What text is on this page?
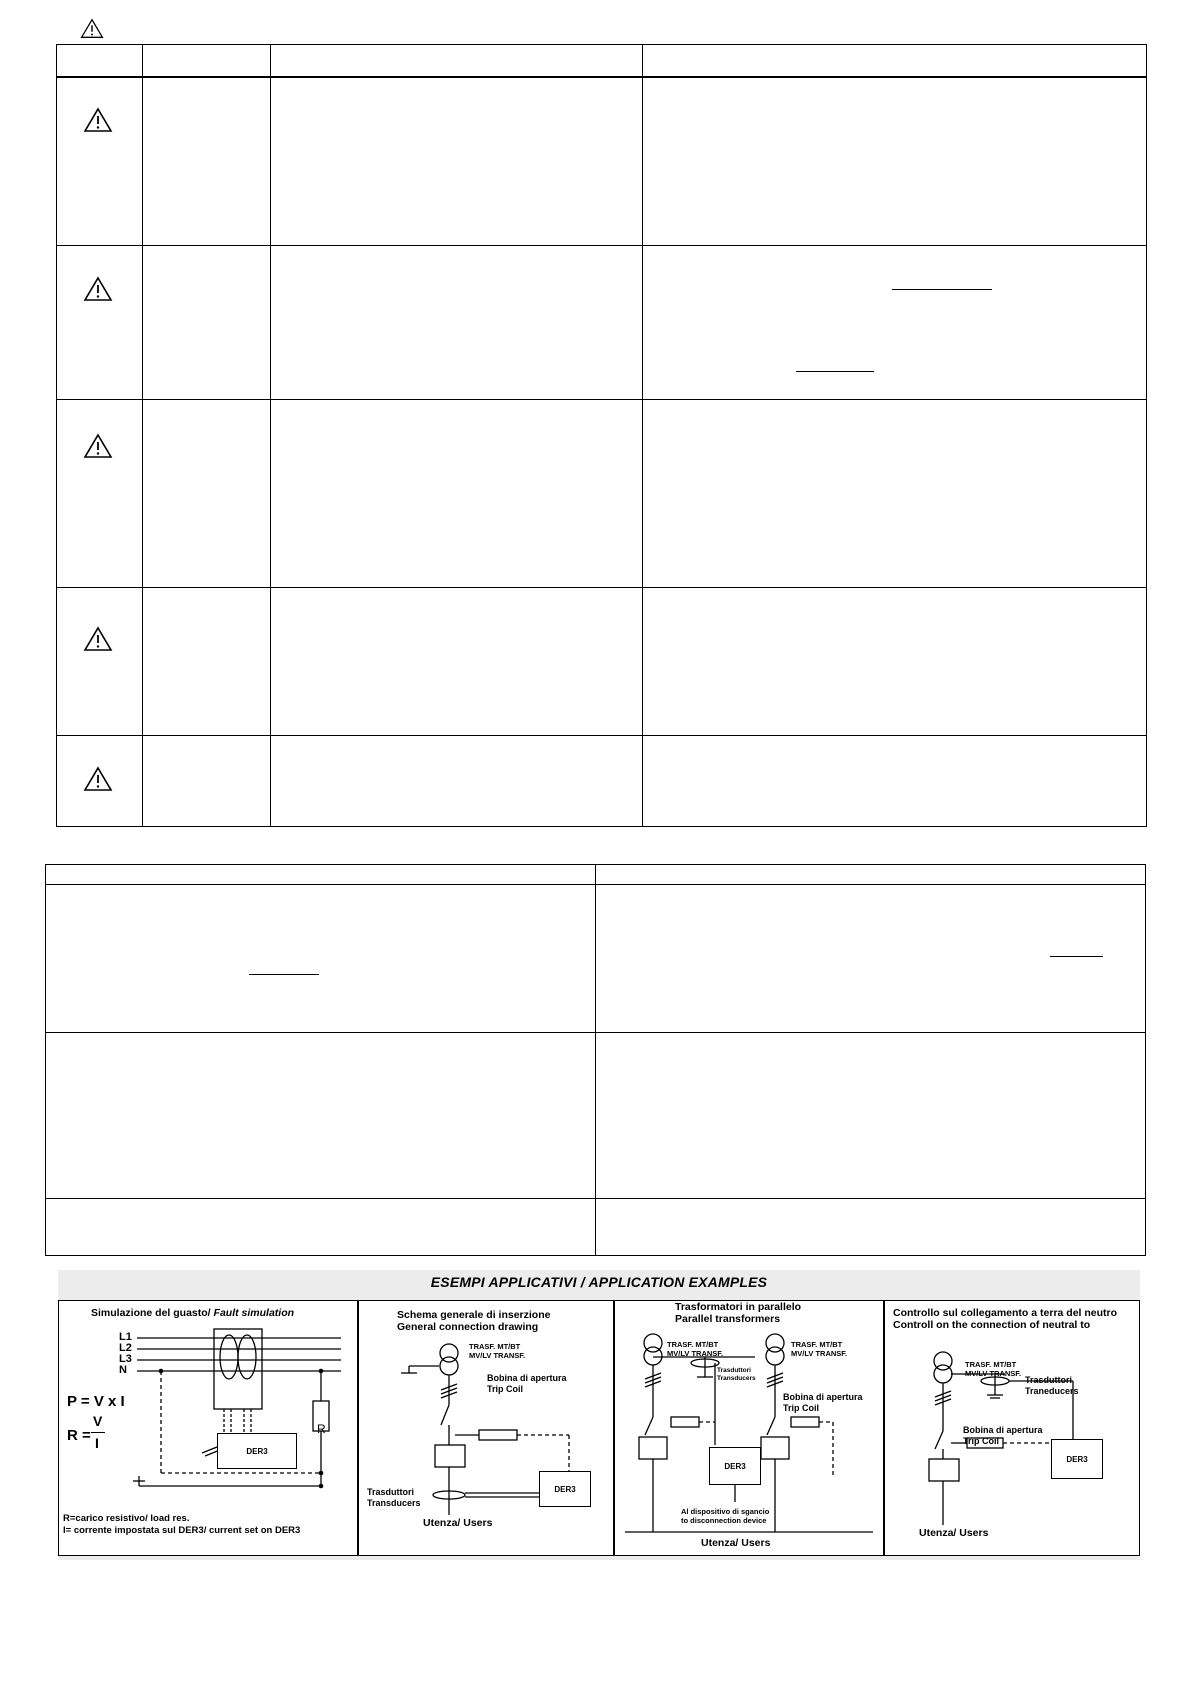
ESEMPI APPLICATIVI / APPLICATION EXAMPLES
Simulazione del guasto/ Fault simulation
L1
L2
L3
N
DER3
R
P = V x I
R =
V
I
R=carico resistivo/ load res.
I= corrente impostata sul DER3/ current set on DER3
Schema generale di inserzione
General connection drawing
TRASF. MT/BT
MV/LV TRANSF.
Bobina di apertura
Trip Coil
DER3
Trasduttori
Transducers
Utenza/ Users
Trasformatori in parallelo
Parallel transformers
TRASF. MT/BT
MV/LV TRANSF.
TRASF. MT/BT
MV/LV TRANSF.
Trasduttori
Transducers
Bobina di apertura
Trip Coil
DER3
Al dispositivo di sgancio
to disconnection device
Utenza/ Users
Controllo sul collegamento a terra del neutro
Controll on the connection of neutral to
TRASF. MT/BT
MV/LV TRANSF.
Trasduttori
Traneducers
Bobina di apertura
Trip Coil
DER3
Utenza/ Users
